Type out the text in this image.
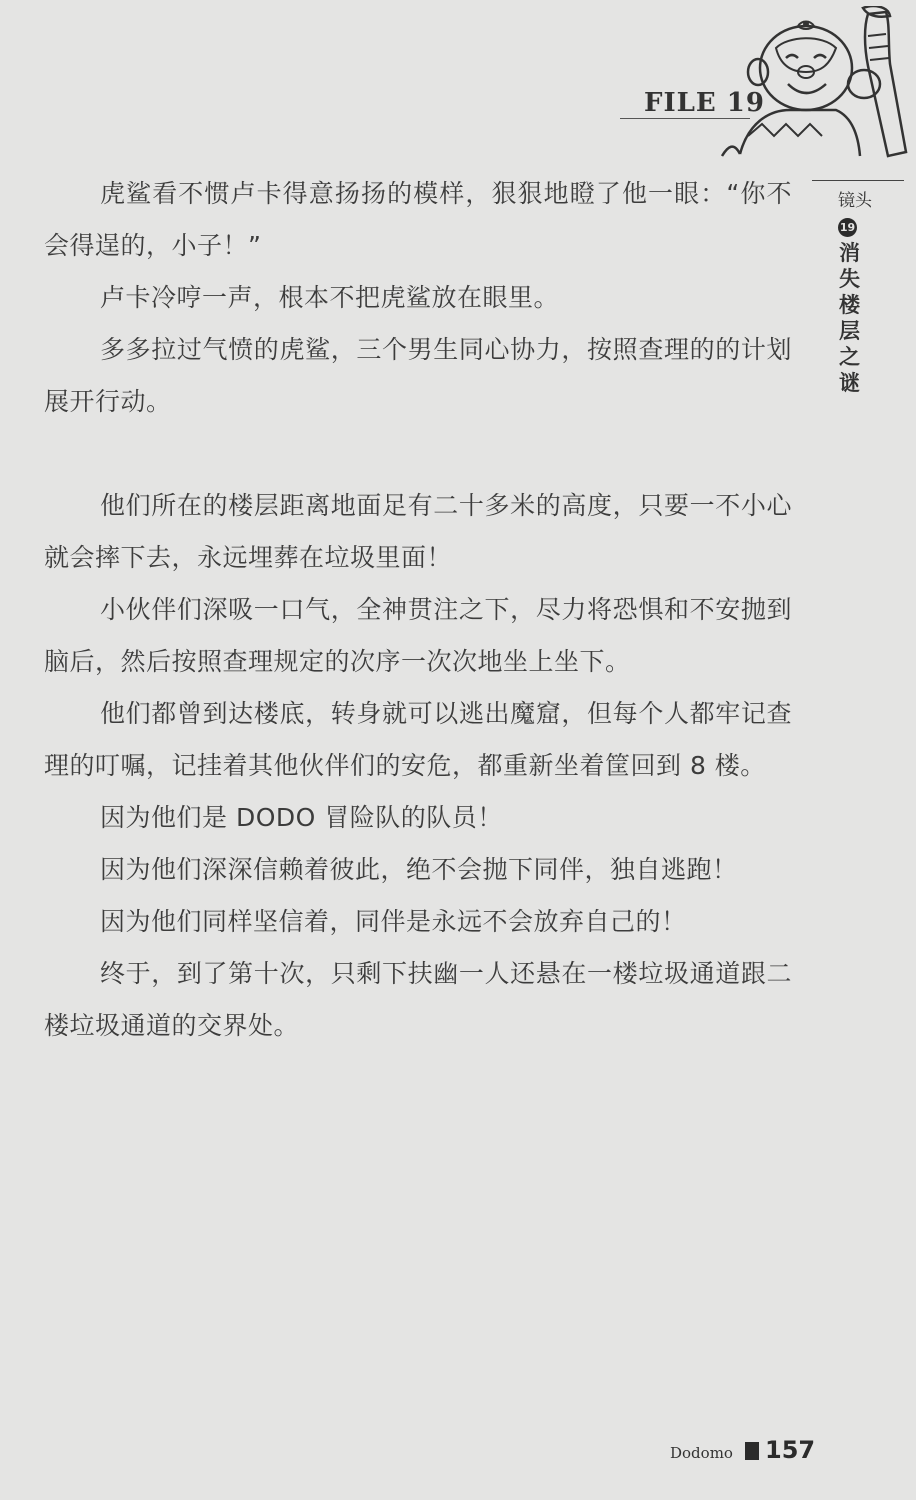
FILE 19
镜头
19
消失楼层之谜

虎鲨看不惯卢卡得意扬扬的模样，狠狠地瞪了他一眼：“你不会得逞的，小子！”

卢卡冷哼一声，根本不把虎鲨放在眼里。

多多拉过气愤的虎鲨，三个男生同心协力，按照查理的的计划展开行动。

他们所在的楼层距离地面足有二十多米的高度，只要一不小心就会摔下去，永远埋葬在垃圾里面！

小伙伴们深吸一口气，全神贯注之下，尽力将恐惧和不安抛到脑后，然后按照查理规定的次序一次次地坐上坐下。

他们都曾到达楼底，转身就可以逃出魔窟，但每个人都牢记查理的叮嘱，记挂着其他伙伴们的安危，都重新坐着筐回到 8 楼。

因为他们是 DODO 冒险队的队员！

因为他们深深信赖着彼此，绝不会抛下同伴，独自逃跑！

因为他们同样坚信着，同伴是永远不会放弃自己的！

终于，到了第十次，只剩下扶幽一人还悬在一楼垃圾通道跟二楼垃圾通道的交界处。

Dodomo 157
